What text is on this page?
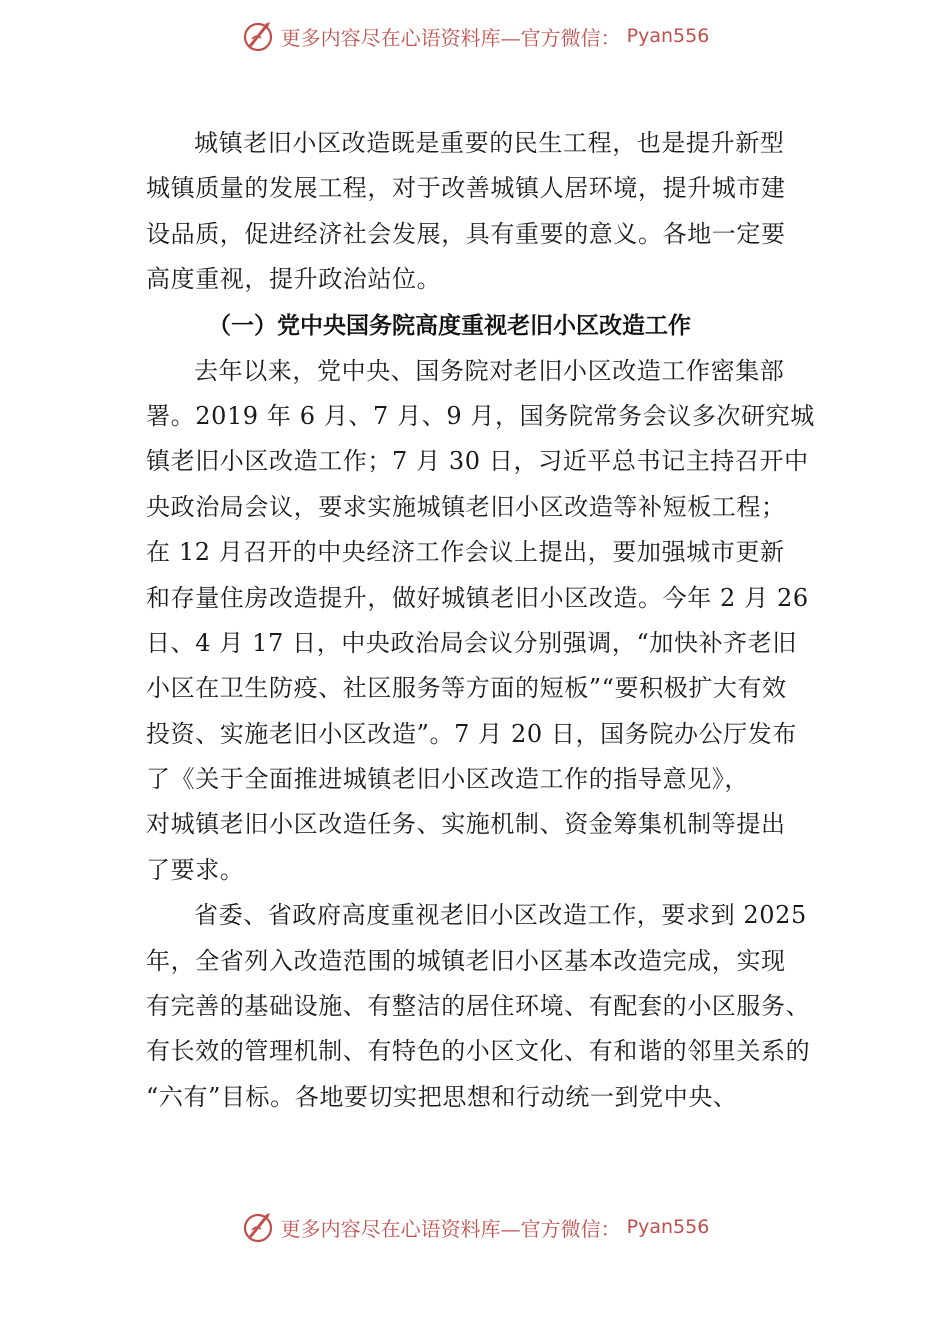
更多内容尽在心语资料库—官方微信： Pyan556
城镇老旧小区改造既是重要的民生工程，也是提升新型
城镇质量的发展工程，对于改善城镇人居环境，提升城市建
设品质，促进经济社会发展，具有重要的意义。各地一定要
高度重视，提升政治站位。
（一）党中央国务院高度重视老旧小区改造工作
去年以来，党中央、国务院对老旧小区改造工作密集部
署。2019 年 6 月、7 月、9 月，国务院常务会议多次研究城
镇老旧小区改造工作；7 月 30 日，习近平总书记主持召开中
央政治局会议，要求实施城镇老旧小区改造等补短板工程；
在 12 月召开的中央经济工作会议上提出，要加强城市更新
和存量住房改造提升，做好城镇老旧小区改造。今年 2 月 26
日、4 月 17 日，中央政治局会议分别强调，“加快补齐老旧
小区在卫生防疫、社区服务等方面的短板”“要积极扩大有效
投资、实施老旧小区改造”。7 月 20 日，国务院办公厅发布
了《关于全面推进城镇老旧小区改造工作的指导意见》，
对城镇老旧小区改造任务、实施机制、资金筹集机制等提出
了要求。
省委、省政府高度重视老旧小区改造工作，要求到 2025
年，全省列入改造范围的城镇老旧小区基本改造完成，实现
有完善的基础设施、有整洁的居住环境、有配套的小区服务、
有长效的管理机制、有特色的小区文化、有和谐的邻里关系的
“六有”目标。各地要切实把思想和行动统一到党中央、
更多内容尽在心语资料库—官方微信： Pyan556
